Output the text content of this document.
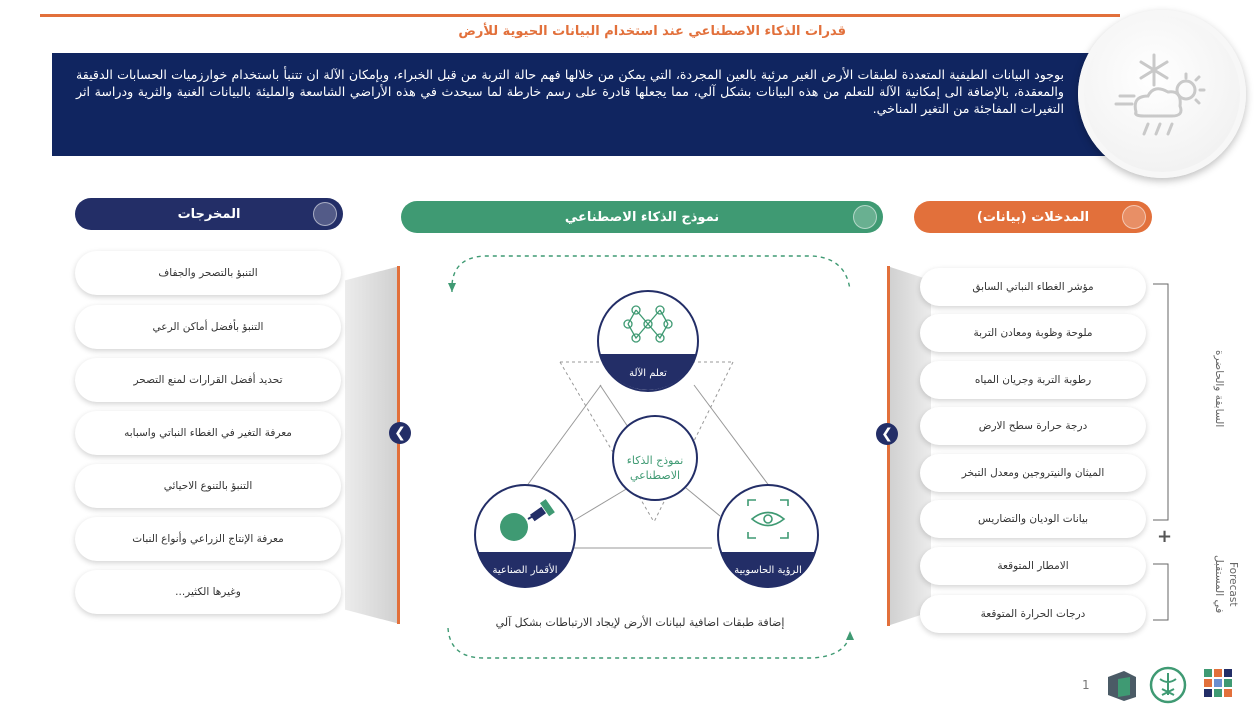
قدرات الذكاء الاصطناعي عند استخدام البيانات الحيوية للأرض
بوجود البيانات الطيفية المتعددة لطبقات الأرض الغير مرئية بالعين المجردة، التي يمكن من خلالها فهم حالة التربة من قبل الخبراء، وبإمكان الآلة ان تتنبأ باستخدام خوارزميات الحسابات الدقيقة والمعقدة، بالإضافة الى إمكانية الآلة للتعلم من هذه البيانات بشكل آلي، مما يجعلها قادرة على رسم خارطة لما سيحدث في هذه الأراضي الشاسعة والمليئة بالبيانات الغنية والثرية ودراسة اثر التغيرات المفاجئة من التغير المناخي.
المدخلات (بيانات)
نموذج الذكاء الاصطناعي
المخرجات
❮
❮
مؤشر الغطاء النباتي السابق
ملوحة وظوبة ومعادن التربة
رطوبة التربة وجريان المياه
درجة حرارة سطح الارض
الميثان والنيتروجين ومعدل التبخر
بيانات الوديان والتضاريس
الامطار المتوقعة
درجات الحرارة المتوقعة
السابقة والحاضرة
+
في المستقبل Forecast
التنبؤ بالتصحر والجفاف
التنبؤ بأفضل أماكن الرعي
تحديد أفضل القرارات لمنع التصحر
معرفة التغير في الغطاء النباتي واسبابه
التنبؤ بالتنوع الاحيائي
معرفة الإنتاج الزراعي وأنواع النبات
وغيرها الكثير...
تعلم الآلة
الأقمار الصناعية	الرؤية الحاسوبية
نموذج الذكاء
الاصطناعي
إضافة طبقات اضافية لبيانات الأرض لإيجاد الارتباطات بشكل آلي
1
